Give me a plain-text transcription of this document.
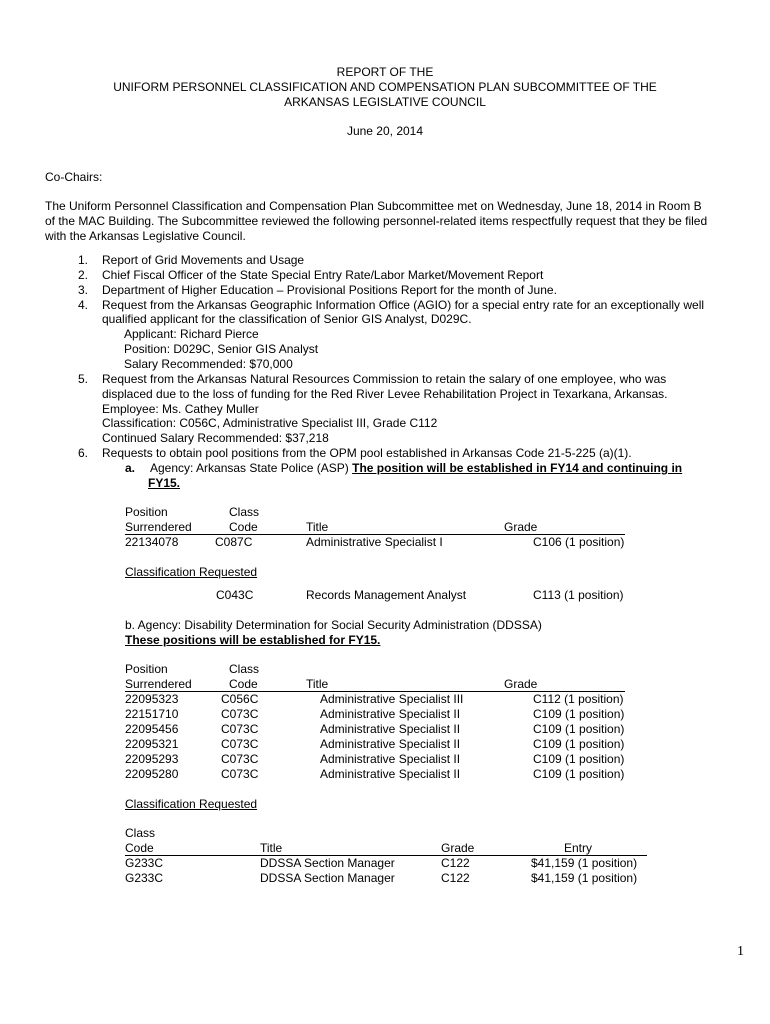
REPORT OF THE
UNIFORM PERSONNEL CLASSIFICATION AND COMPENSATION PLAN SUBCOMMITTEE OF THE
ARKANSAS LEGISLATIVE COUNCIL
June 20, 2014
Co-Chairs:
The Uniform Personnel Classification and Compensation Plan Subcommittee met on Wednesday, June 18, 2014 in Room B
of the MAC Building. The Subcommittee reviewed the following personnel-related items respectfully request that they be filed
with the Arkansas Legislative Council.
1. Report of Grid Movements and Usage
2. Chief Fiscal Officer of the State Special Entry Rate/Labor Market/Movement Report
3. Department of Higher Education – Provisional Positions Report for the month of June.
4. Request from the Arkansas Geographic Information Office (AGIO) for a special entry rate for an exceptionally well
qualified applicant for the classification of Senior GIS Analyst, D029C.
Applicant: Richard Pierce
Position: D029C, Senior GIS Analyst
Salary Recommended: $70,000
5. Request from the Arkansas Natural Resources Commission to retain the salary of one employee, who was
displaced due to the loss of funding for the Red River Levee Rehabilitation Project in Texarkana, Arkansas.
Employee: Ms. Cathey Muller
Classification: C056C, Administrative Specialist III, Grade C112
Continued Salary Recommended: $37,218
6. Requests to obtain pool positions from the OPM pool established in Arkansas Code 21-5-225 (a)(1).
a. Agency: Arkansas State Police (ASP) The position will be established in FY14 and continuing in
FY15.
Position	Class
Surrendered	Code	Title	Grade
22134078	C087C	Administrative Specialist I	C106 (1 position)
Classification Requested
C043C	Records Management Analyst	C113 (1 position)
b. Agency: Disability Determination for Social Security Administration (DDSSA)
These positions will be established for FY15.
Position	Class
Surrendered	Code	Title	Grade
22095323	C056C	Administrative Specialist III	C112 (1 position)
22151710	C073C	Administrative Specialist II	C109 (1 position)
22095456	C073C	Administrative Specialist II	C109 (1 position)
22095321	C073C	Administrative Specialist II	C109 (1 position)
22095293	C073C	Administrative Specialist II	C109 (1 position)
22095280	C073C	Administrative Specialist II	C109 (1 position)
Classification Requested
Class
Code	Title	Grade	Entry
G233C	DDSSA Section Manager	C122	$41,159 (1 position)
G233C	DDSSA Section Manager	C122	$41,159 (1 position)
1
